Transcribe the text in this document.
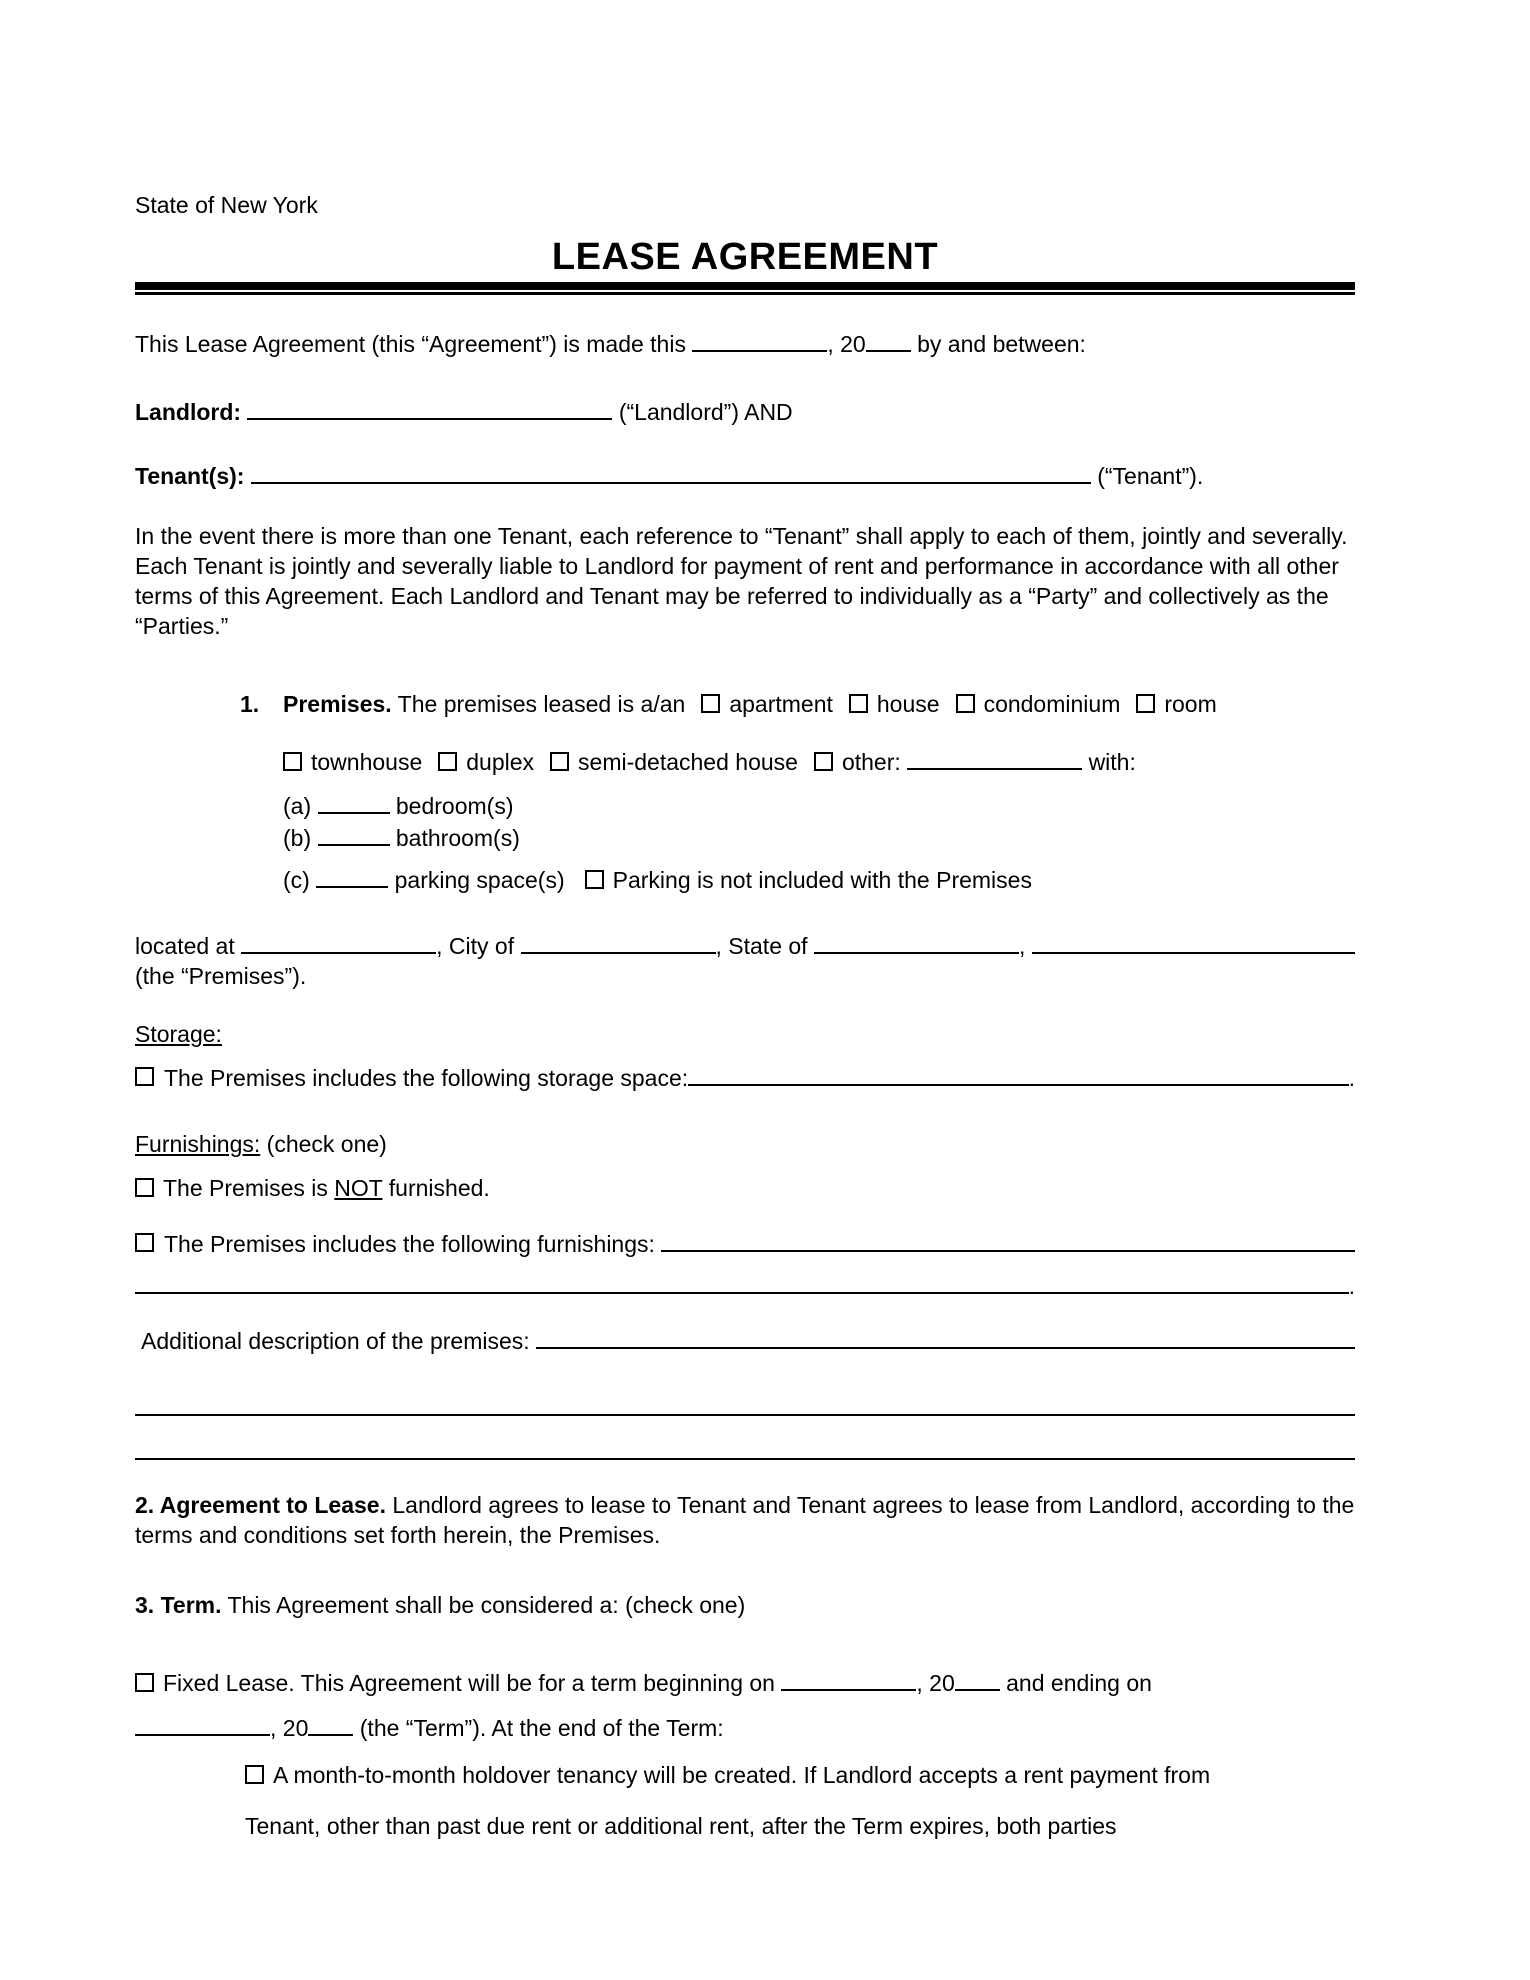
State of New York
LEASE AGREEMENT

This Lease Agreement (this “Agreement”) is made this	, 20 by and between:

Landlord:	(“Landlord”) AND

Tenant(s):	(“Tenant”).

In the event there is more than one Tenant, each reference to “Tenant” shall apply to each of them, jointly and severally. Each Tenant is jointly and severally liable to Landlord for payment of rent and performance in accordance with all other terms of this Agreement. Each Landlord and Tenant may be referred to individually as a “Party” and collectively as the “Parties.”

1. Premises. The premises leased is a/an apartment house condominium room

townhouse duplex semi-detached house other:	with:

(a)	bedroom(s)

(b)	bathroom(s)

(c)	parking space(s) Parking is not included with the Premises

located at	, City of	, State of	,
(the “Premises”).
Storage:
The Premises includes the following storage space:	.
Furnishings: (check one)

The Premises is NOT furnished.

The Premises includes the following furnishings:
.
Additional description of the premises:

2. Agreement to Lease. Landlord agrees to lease to Tenant and Tenant agrees to lease from Landlord, according to the terms and conditions set forth herein, the Premises.

3. Term. This Agreement shall be considered a: (check one)

Fixed Lease. This Agreement will be for a term beginning on	, 20 and ending on

, 20 (the “Term”). At the end of the Term:

A month-to-month holdover tenancy will be created. If Landlord accepts a rent payment from

Tenant, other than past due rent or additional rent, after the Term expires, both parties
